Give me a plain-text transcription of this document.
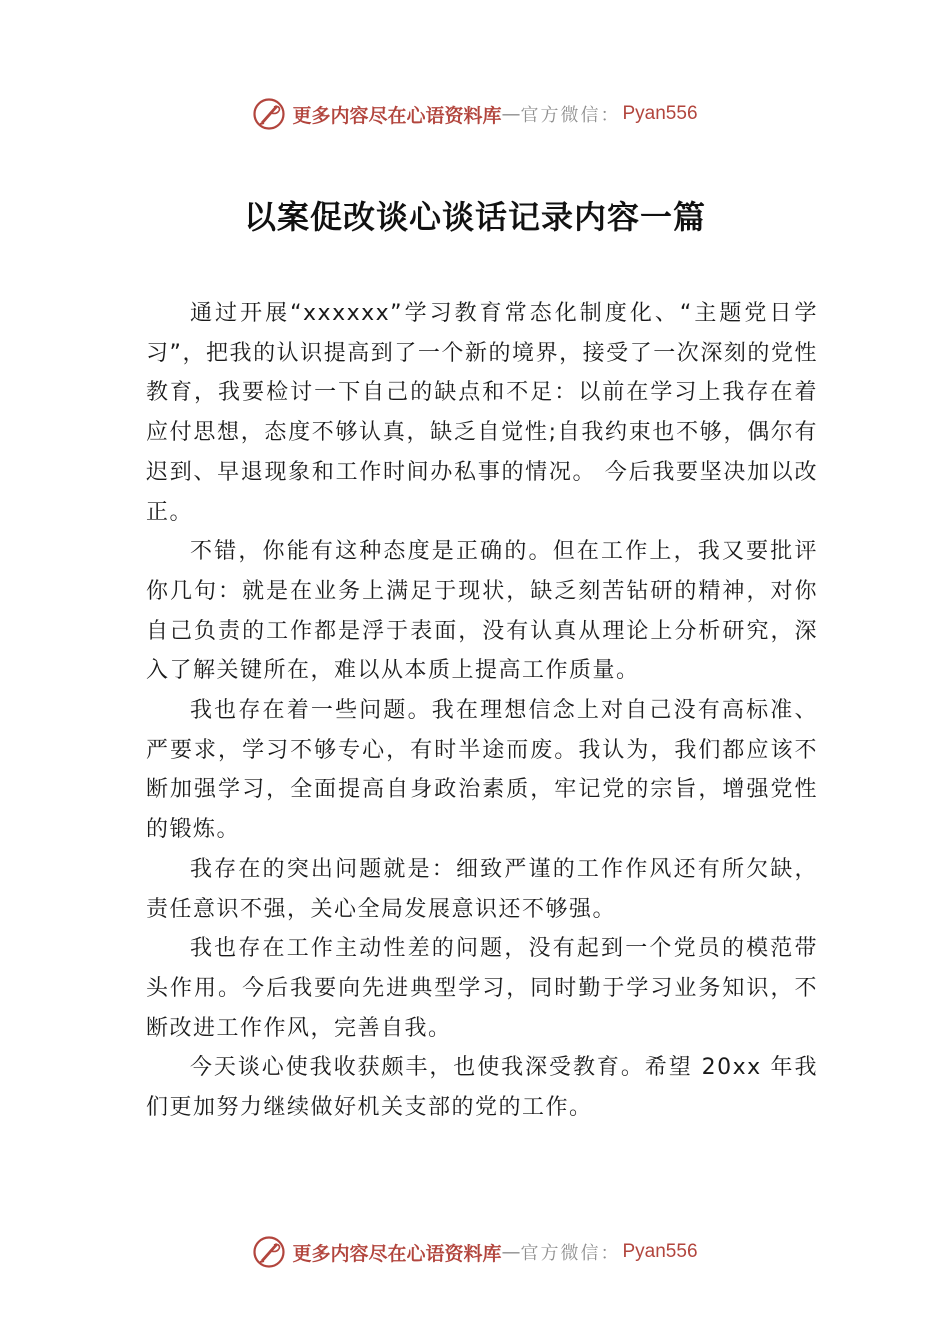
更多内容尽在心语资料库 — 官方微信： Pyan556
以案促改谈心谈话记录内容一篇

通过开展“xxxxxx”学习教育常态化制度化、“主题党日学习”，把我的认识提高到了一个新的境界，接受了一次深刻的党性教育，我要检讨一下自己的缺点和不足：以前在学习上我存在着应付思想，态度不够认真，缺乏自觉性;自我约束也不够，偶尔有迟到、早退现象和工作时间办私事的情况。 今后我要坚决加以改正。

不错，你能有这种态度是正确的。但在工作上，我又要批评你几句：就是在业务上满足于现状，缺乏刻苦钻研的精神，对你自己负责的工作都是浮于表面，没有认真从理论上分析研究，深入了解关键所在，难以从本质上提高工作质量。

我也存在着一些问题。我在理想信念上对自己没有高标准、严要求，学习不够专心，有时半途而废。我认为，我们都应该不断加强学习，全面提高自身政治素质，牢记党的宗旨，增强党性的锻炼。

我存在的突出问题就是：细致严谨的工作作风还有所欠缺，责任意识不强，关心全局发展意识还不够强。

我也存在工作主动性差的问题，没有起到一个党员的模范带头作用。今后我要向先进典型学习，同时勤于学习业务知识，不断改进工作作风，完善自我。

今天谈心使我收获颇丰，也使我深受教育。希望 20xx 年我们更加努力继续做好机关支部的党的工作。

更多内容尽在心语资料库 — 官方微信： Pyan556
